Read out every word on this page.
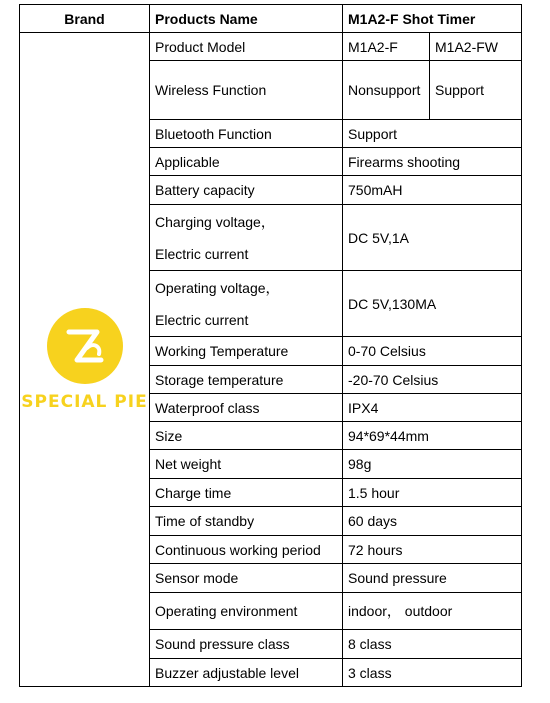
Brand	Products Name	M1A2-F Shot Timer	

SPECIAL PIE	Product Model	M1A2-F	M1A2-FW
	Wireless Function	Nonsupport	Support
	Bluetooth Function	Support	
	Applicable	Firearms shooting	
	Battery capacity	750mAH	

	Charging voltage，
Electric current	DC 5V,1A	

	Operating voltage，
Electric current	DC 5V,130MA	
	Working Temperature	0-70 Celsius	
	Storage temperature	-20-70 Celsius	
	Waterproof class	IPX4	
	Size	94*69*44mm	
	Net weight	98g	
	Charge time	1.5 hour	
	Time of standby	60 days	
	Continuous working period	72 hours	
	Sensor mode	Sound pressure	
	Operating environment	indoor， outdoor	
	Sound pressure class	8 class	
	Buzzer adjustable level	3 class	
